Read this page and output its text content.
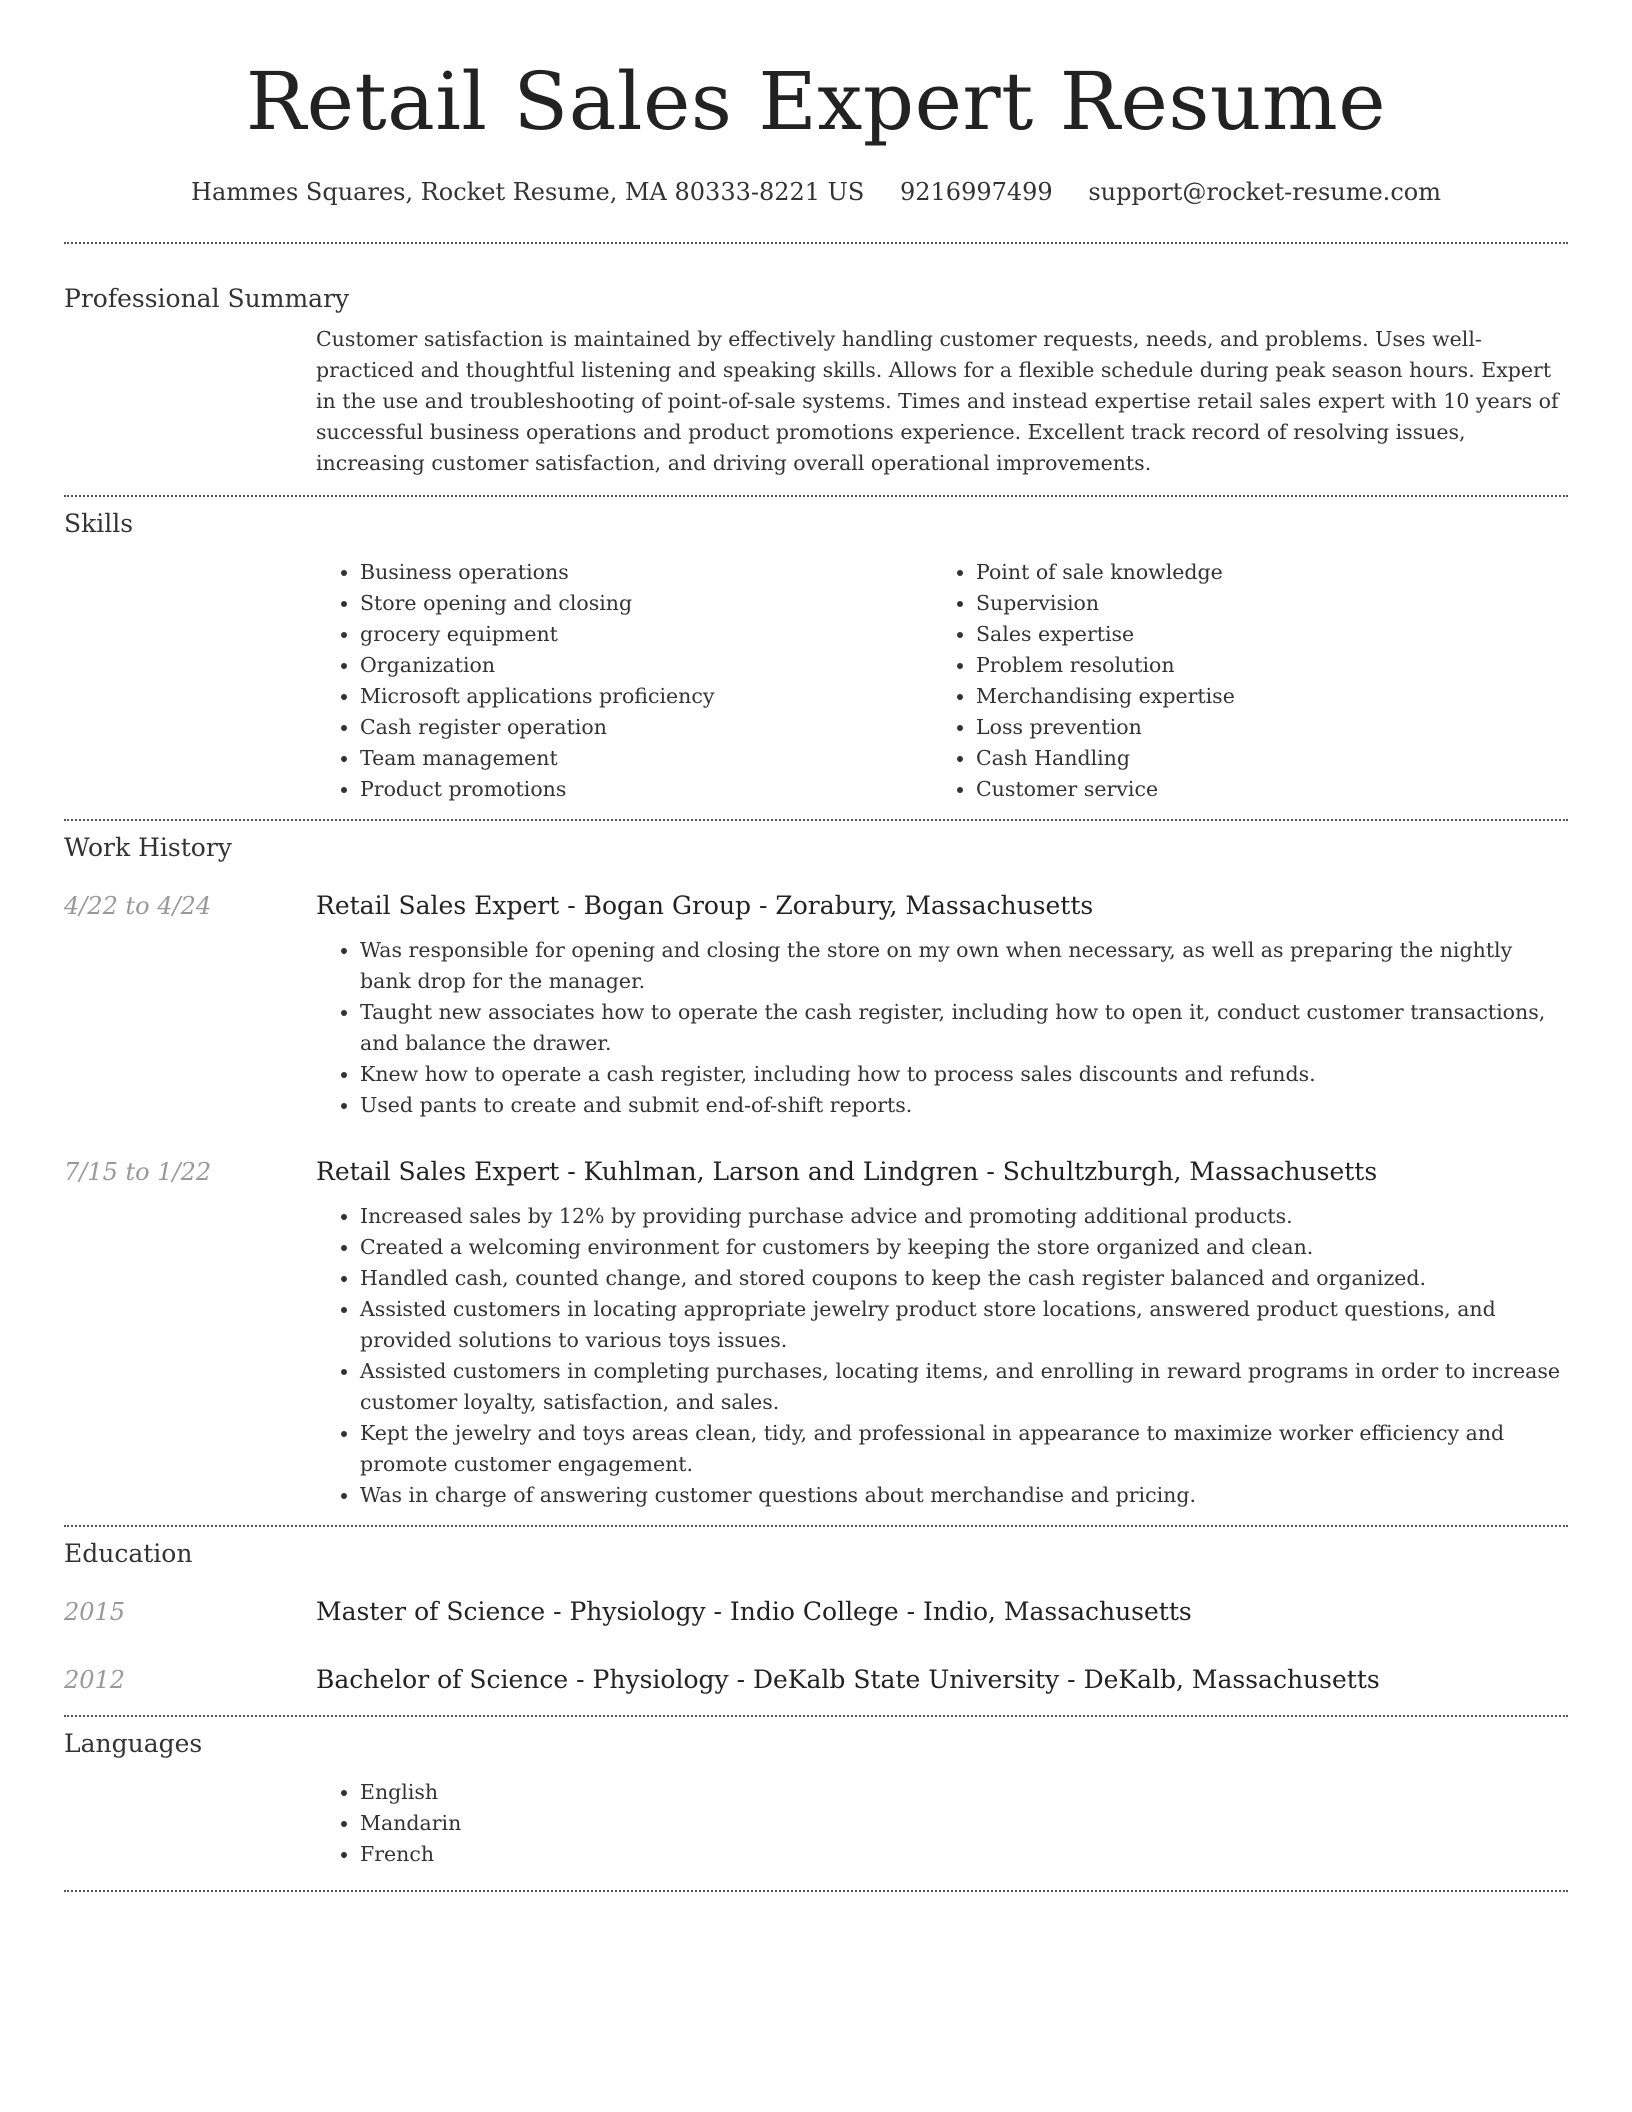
Retail Sales Expert Resume
Hammes Squares, Rocket Resume, MA 80333-8221 US 9216997499 support@rocket-resume.com
Professional Summary

Customer satisfaction is maintained by effectively handling customer requests, needs, and problems. Uses well-practiced and thoughtful listening and speaking skills. Allows for a flexible schedule during peak season hours. Expert in the use and troubleshooting of point-of-sale systems. Times and instead expertise retail sales expert with 10 years of successful business operations and product promotions experience. Excellent track record of resolving issues, increasing customer satisfaction, and driving overall operational improvements.

Skills
• Business operations
• Store opening and closing
• grocery equipment
• Organization
• Microsoft applications proficiency
• Cash register operation
• Team management
• Product promotions
• Point of sale knowledge
• Supervision
• Sales expertise
• Problem resolution
• Merchandising expertise
• Loss prevention
• Cash Handling
• Customer service
Work History
4/22 to 4/24	Retail Sales Expert - Bogan Group - Zorabury, Massachusetts
• Was responsible for opening and closing the store on my own when necessary, as well as preparing the nightly bank drop for the manager.
• Taught new associates how to operate the cash register, including how to open it, conduct customer transactions, and balance the drawer.
• Knew how to operate a cash register, including how to process sales discounts and refunds.
• Used pants to create and submit end-of-shift reports.
7/15 to 1/22	Retail Sales Expert - Kuhlman, Larson and Lindgren - Schultzburgh, Massachusetts
• Increased sales by 12% by providing purchase advice and promoting additional products.
• Created a welcoming environment for customers by keeping the store organized and clean.
• Handled cash, counted change, and stored coupons to keep the cash register balanced and organized.
• Assisted customers in locating appropriate jewelry product store locations, answered product questions, and provided solutions to various toys issues.
• Assisted customers in completing purchases, locating items, and enrolling in reward programs in order to increase customer loyalty, satisfaction, and sales.
• Kept the jewelry and toys areas clean, tidy, and professional in appearance to maximize worker efficiency and promote customer engagement.
• Was in charge of answering customer questions about merchandise and pricing.
Education
2015	Master of Science - Physiology - Indio College - Indio, Massachusetts
2012	Bachelor of Science - Physiology - DeKalb State University - DeKalb, Massachusetts
Languages
• English
• Mandarin
• French
